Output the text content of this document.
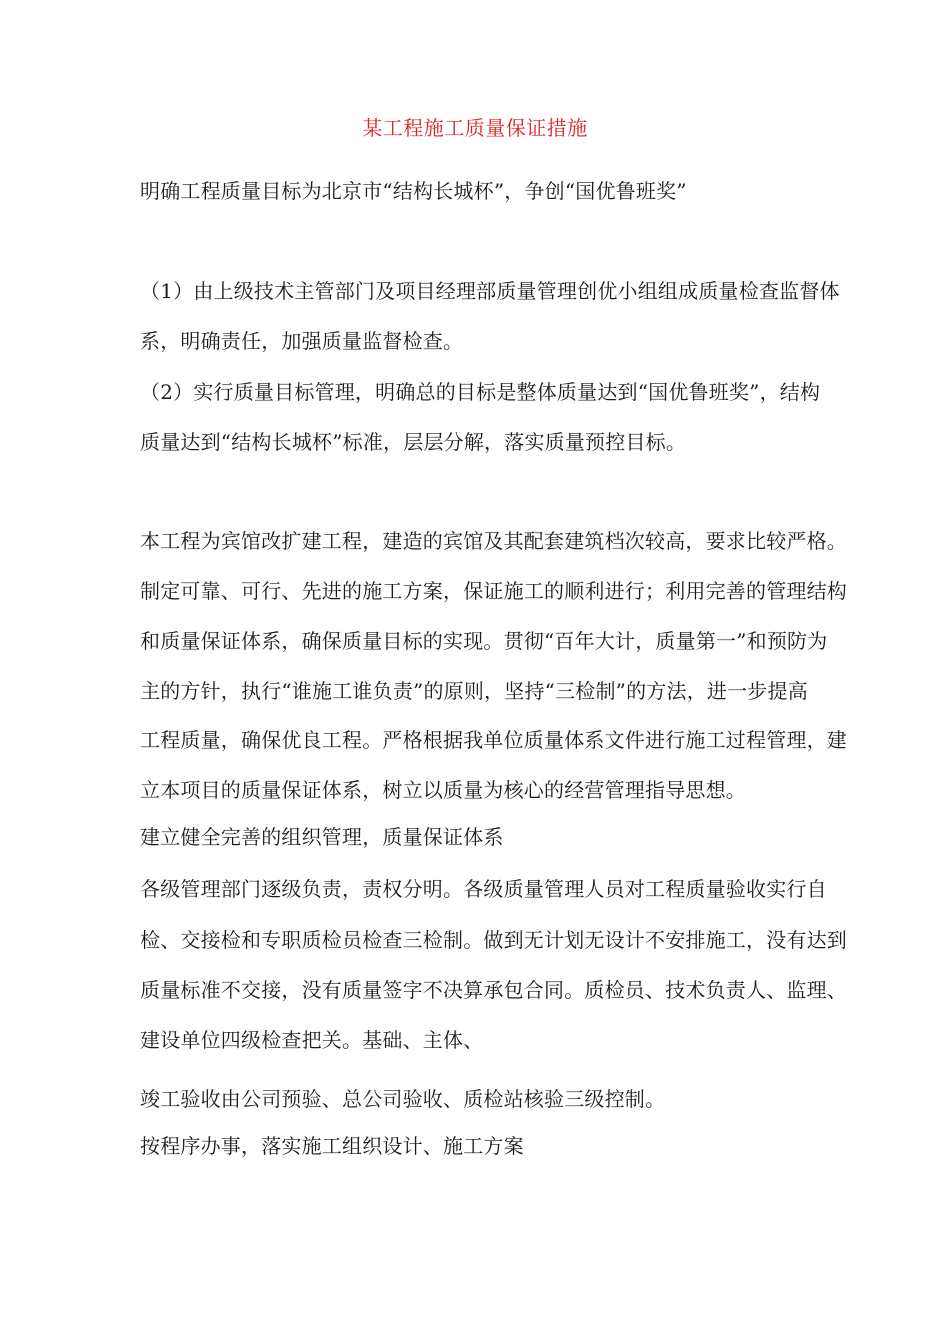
某工程施工质量保证措施
明确工程质量目标为北京市“结构长城杯”，争创“国优鲁班奖”
（1）由上级技术主管部门及项目经理部质量管理创优小组组成质量检查监督体
系，明确责任，加强质量监督检查。
（2）实行质量目标管理，明确总的目标是整体质量达到“国优鲁班奖”，结构
质量达到“结构长城杯”标准，层层分解，落实质量预控目标。
本工程为宾馆改扩建工程，建造的宾馆及其配套建筑档次较高，要求比较严格。
制定可靠、可行、先进的施工方案，保证施工的顺利进行；利用完善的管理结构
和质量保证体系，确保质量目标的实现。贯彻“百年大计，质量第一”和预防为
主的方针，执行“谁施工谁负责”的原则，坚持“三检制”的方法，进一步提高
工程质量，确保优良工程。严格根据我单位质量体系文件进行施工过程管理，建
立本项目的质量保证体系，树立以质量为核心的经营管理指导思想。
建立健全完善的组织管理，质量保证体系
各级管理部门逐级负责，责权分明。各级质量管理人员对工程质量验收实行自
检、交接检和专职质检员检查三检制。做到无计划无设计不安排施工，没有达到
质量标准不交接，没有质量签字不决算承包合同。质检员、技术负责人、监理、
建设单位四级检查把关。基础、主体、
竣工验收由公司预验、总公司验收、质检站核验三级控制。
按程序办事，落实施工组织设计、施工方案
